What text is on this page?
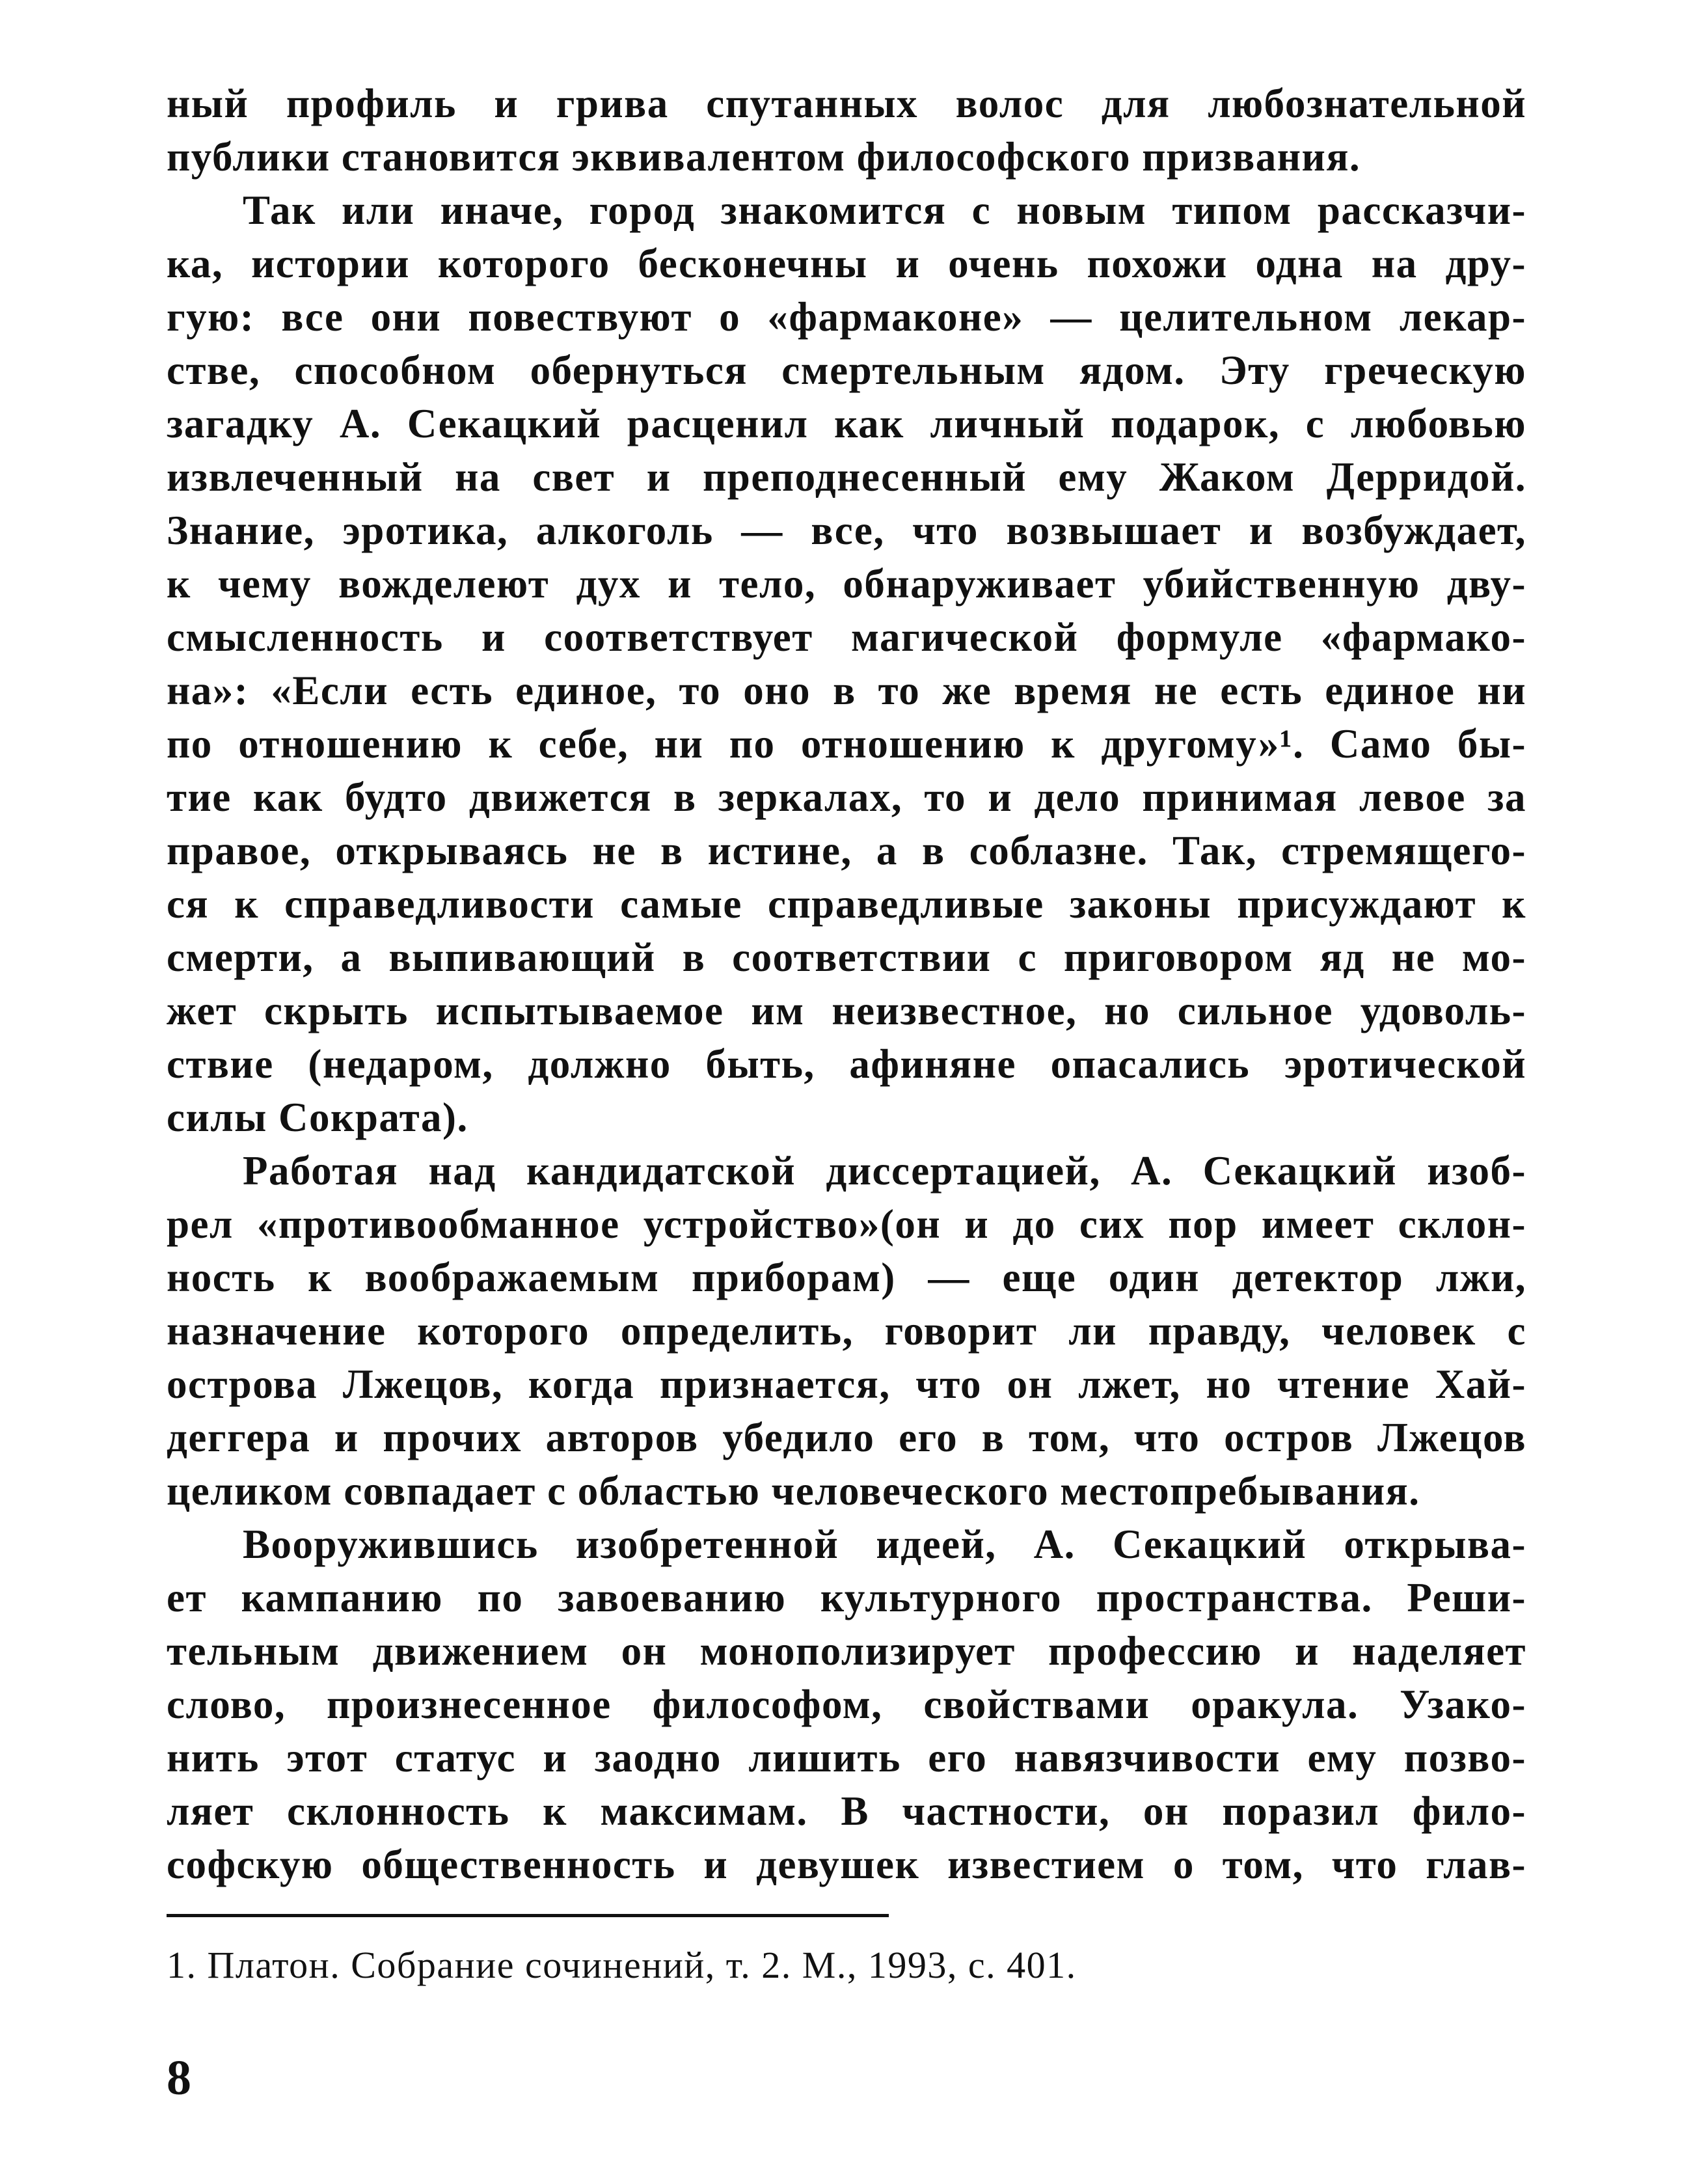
ный профиль и грива спутанных волос для любознательной
публики становится эквивалентом философского призвания.
Так или иначе, город знакомится с новым типом рассказчи-
ка, истории которого бесконечны и очень похожи одна на дру-
гую: все они повествуют о «фармаконе» — целительном лекар-
стве, способном обернуться смертельным ядом. Эту греческую
загадку А. Секацкий расценил как личный подарок, с любовью
извлеченный на свет и преподнесенный ему Жаком Дерридой.
Знание, эротика, алкоголь — все, что возвышает и возбуждает,
к чему вожделеют дух и тело, обнаруживает убийственную дву-
смысленность и соответствует магической формуле «фармако-
на»: «Если есть единое, то оно в то же время не есть единое ни
по отношению к себе, ни по отношению к другому»¹. Само бы-
тие как будто движется в зеркалах, то и дело принимая левое за
правое, открываясь не в истине, а в соблазне. Так, стремящего-
ся к справедливости самые справедливые законы присуждают к
смерти, а выпивающий в соответствии с приговором яд не мо-
жет скрыть испытываемое им неизвестное, но сильное удоволь-
ствие (недаром, должно быть, афиняне опасались эротической
силы Сократа).
Работая над кандидатской диссертацией, А. Секацкий изоб-
рел «противообманное устройство»(он и до сих пор имеет склон-
ность к воображаемым приборам) — еще один детектор лжи,
назначение которого определить, говорит ли правду, человек с
острова Лжецов, когда признается, что он лжет, но чтение Хай-
деггера и прочих авторов убедило его в том, что остров Лжецов
целиком совпадает с областью человеческого местопребывания.
Вооружившись изобретенной идеей, А. Секацкий открыва-
ет кампанию по завоеванию культурного пространства. Реши-
тельным движением он монополизирует профессию и наделяет
слово, произнесенное философом, свойствами оракула. Узако-
нить этот статус и заодно лишить его навязчивости ему позво-
ляет склонность к максимам. В частности, он поразил фило-
софскую общественность и девушек известием о том, что глав-
1. Платон. Собрание сочинений, т. 2. М., 1993, с. 401.
8
